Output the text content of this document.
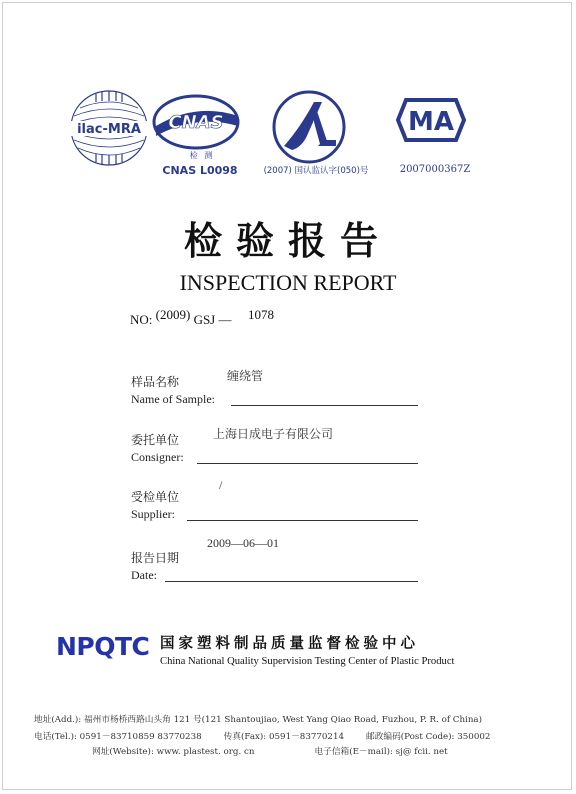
ilac-MRA CNAS
检 测
CNAS L0098	(2007) 国认监认字(050)号
MA
2007000367Z
检验报告
INSPECTION REPORT
NO: (2009) GSJ — 1078
样品名称
Name of Sample:
缠绕管
委托单位
Consigner:
上海日成电子有限公司
受检单位
Supplier:
/
报告日期
Date:
2009—06—01
NPQTC 国家塑料制品质量监督检验中心
China National Quality Supervision Testing Center of Plastic Product
地址(Add.): 福州市杨桥西路山头角 121 号(121 Shantoujiao, West Yang Qiao Road, Fuzhou, P. R. of China)
电话(Tel.): 0591－83710859 83770238	传真(Fax): 0591－83770214	邮政编码(Post Code): 350002
网址(Website): www. plastest. org. cn	电子信箱(E－mail): sj@ fcii. net
